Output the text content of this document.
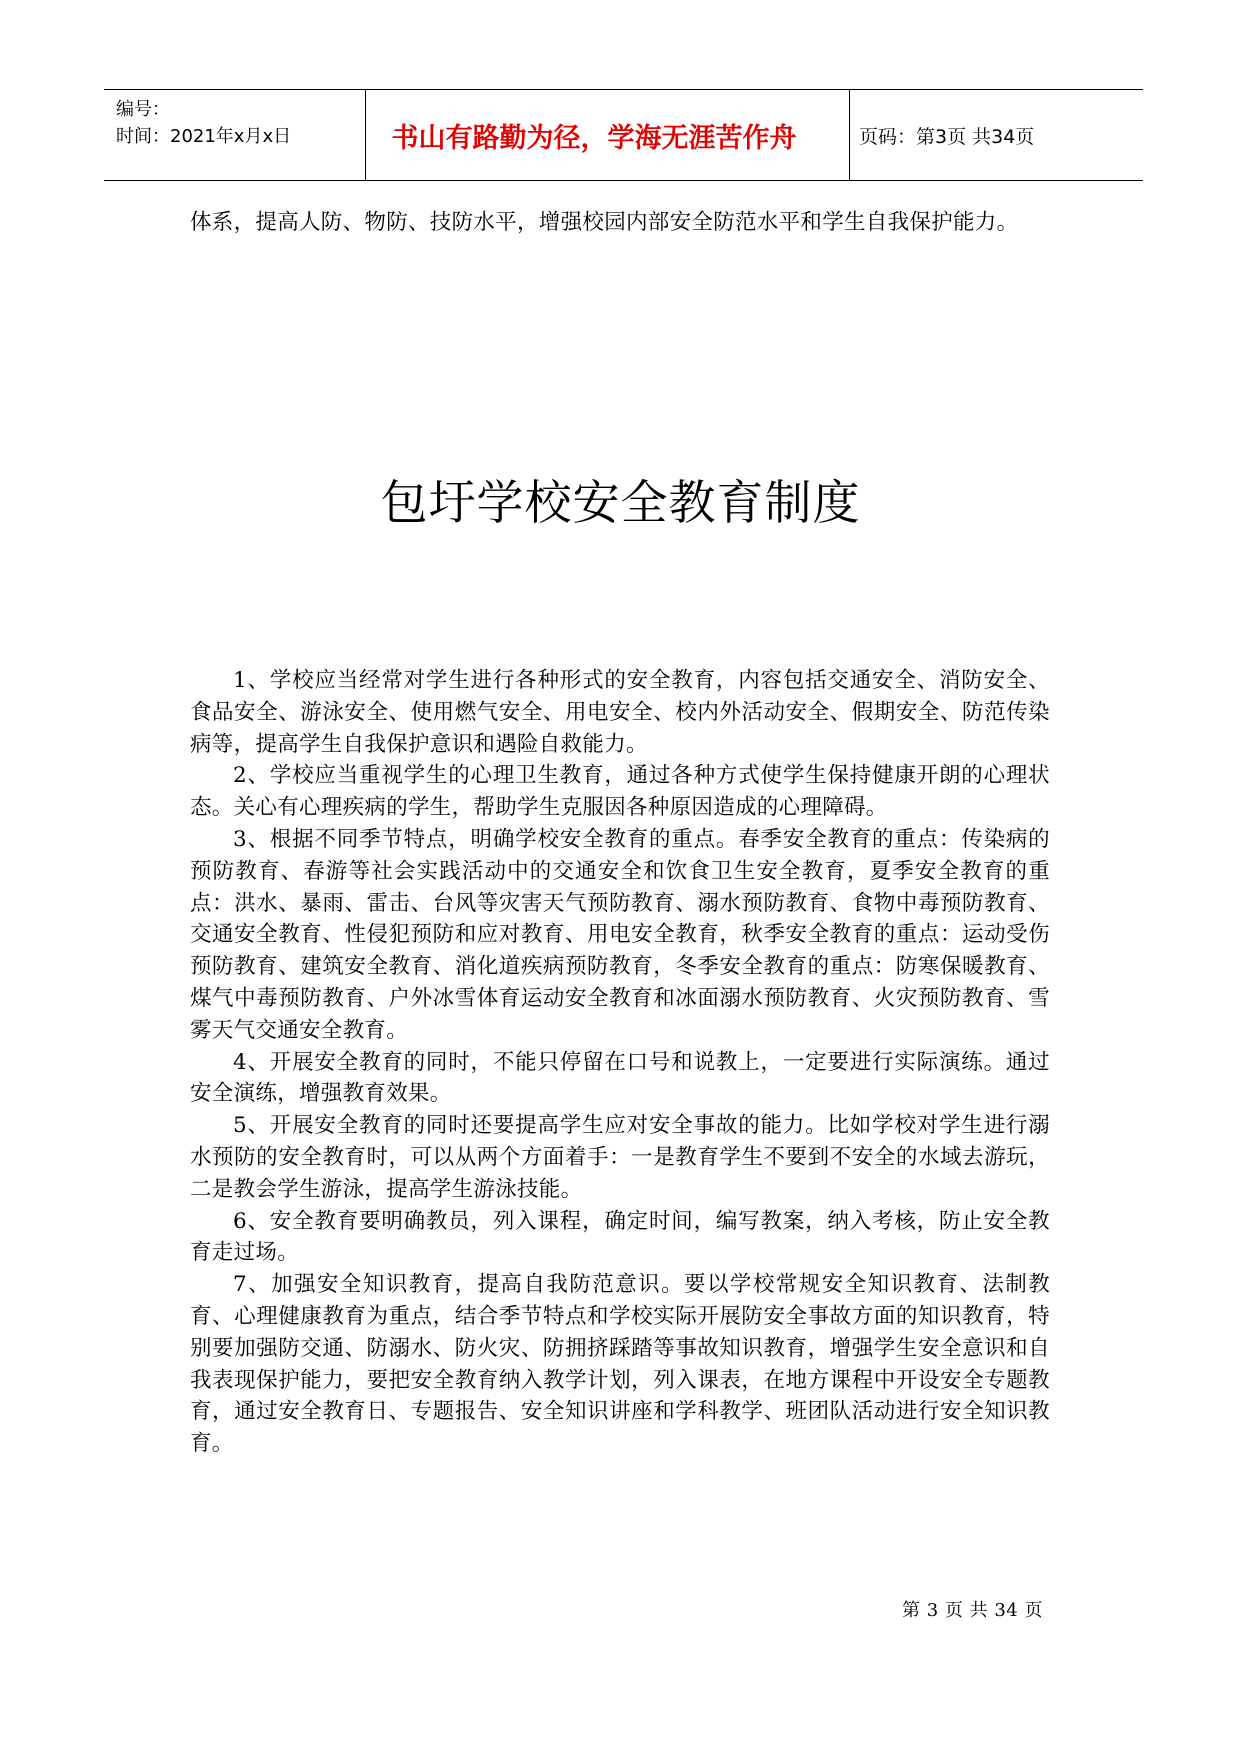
编号：
时间：2021年x月x日	书山有路勤为径，学海无涯苦作舟	页码：第3页 共34页

体系，提高人防、物防、技防水平，增强校园内部安全防范水平和学生自我保护能力。

包圩学校安全教育制度
1、学校应当经常对学生进行各种形式的安全教育，内容包括交通安全、消防安全、食品安全、游泳安全、使用燃气安全、用电安全、校内外活动安全、假期安全、防范传染病等，提高学生自我保护意识和遇险自救能力。
2、学校应当重视学生的心理卫生教育，通过各种方式使学生保持健康开朗的心理状态。关心有心理疾病的学生，帮助学生克服因各种原因造成的心理障碍。
3、根据不同季节特点，明确学校安全教育的重点。春季安全教育的重点：传染病的预防教育、春游等社会实践活动中的交通安全和饮食卫生安全教育，夏季安全教育的重点：洪水、暴雨、雷击、台风等灾害天气预防教育、溺水预防教育、食物中毒预防教育、交通安全教育、性侵犯预防和应对教育、用电安全教育，秋季安全教育的重点：运动受伤预防教育、建筑安全教育、消化道疾病预防教育，冬季安全教育的重点：防寒保暖教育、煤气中毒预防教育、户外冰雪体育运动安全教育和冰面溺水预防教育、火灾预防教育、雪雾天气交通安全教育。
4、开展安全教育的同时，不能只停留在口号和说教上，一定要进行实际演练。通过安全演练，增强教育效果。
5、开展安全教育的同时还要提高学生应对安全事故的能力。比如学校对学生进行溺水预防的安全教育时，可以从两个方面着手：一是教育学生不要到不安全的水域去游玩，二是教会学生游泳，提高学生游泳技能。
6、安全教育要明确教员，列入课程，确定时间，编写教案，纳入考核，防止安全教育走过场。
7、加强安全知识教育，提高自我防范意识。要以学校常规安全知识教育、法制教育、心理健康教育为重点，结合季节特点和学校实际开展防安全事故方面的知识教育，特别要加强防交通、防溺水、防火灾、防拥挤踩踏等事故知识教育，增强学生安全意识和自我表现保护能力，要把安全教育纳入教学计划，列入课表，在地方课程中开设安全专题教育，通过安全教育日、专题报告、安全知识讲座和学科教学、班团队活动进行安全知识教育。
第 3 页 共 34 页
